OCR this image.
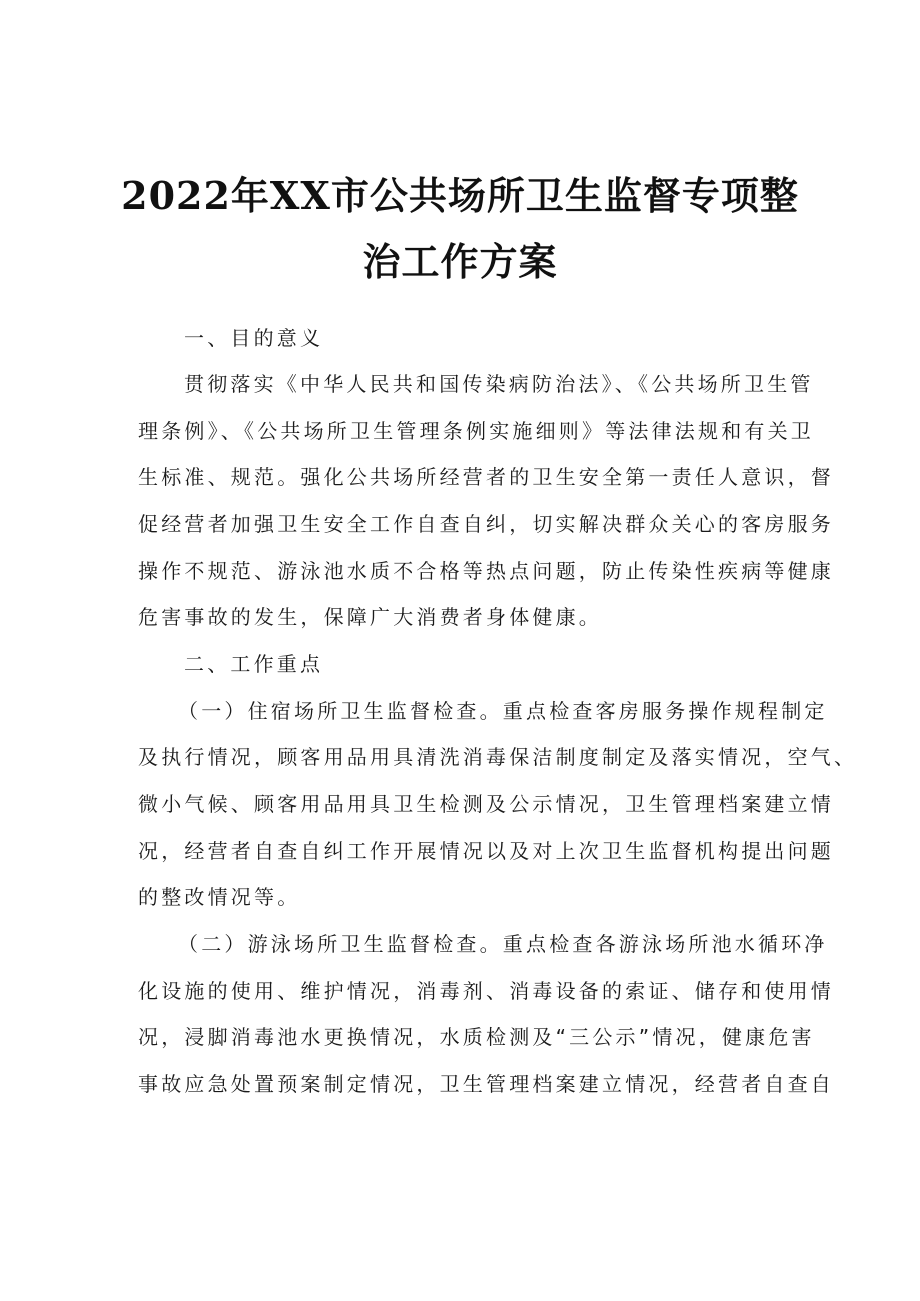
2022年XX市公共场所卫生监督专项整
治工作方案
一、目的意义
贯彻落实《中华人民共和国传染病防治法》、《公共场所卫生管
理条例》、《公共场所卫生管理条例实施细则》等法律法规和有关卫
生标准、规范。强化公共场所经营者的卫生安全第一责任人意识，督
促经营者加强卫生安全工作自查自纠，切实解决群众关心的客房服务
操作不规范、游泳池水质不合格等热点问题，防止传染性疾病等健康
危害事故的发生，保障广大消费者身体健康。
二、工作重点
（一）住宿场所卫生监督检查。重点检查客房服务操作规程制定
及执行情况，顾客用品用具清洗消毒保洁制度制定及落实情况，空气、
微小气候、顾客用品用具卫生检测及公示情况，卫生管理档案建立情
况，经营者自查自纠工作开展情况以及对上次卫生监督机构提出问题
的整改情况等。
（二）游泳场所卫生监督检查。重点检查各游泳场所池水循环净
化设施的使用、维护情况，消毒剂、消毒设备的索证、储存和使用情
况，浸脚消毒池水更换情况，水质检测及“三公示”情况，健康危害
事故应急处置预案制定情况，卫生管理档案建立情况，经营者自查自
